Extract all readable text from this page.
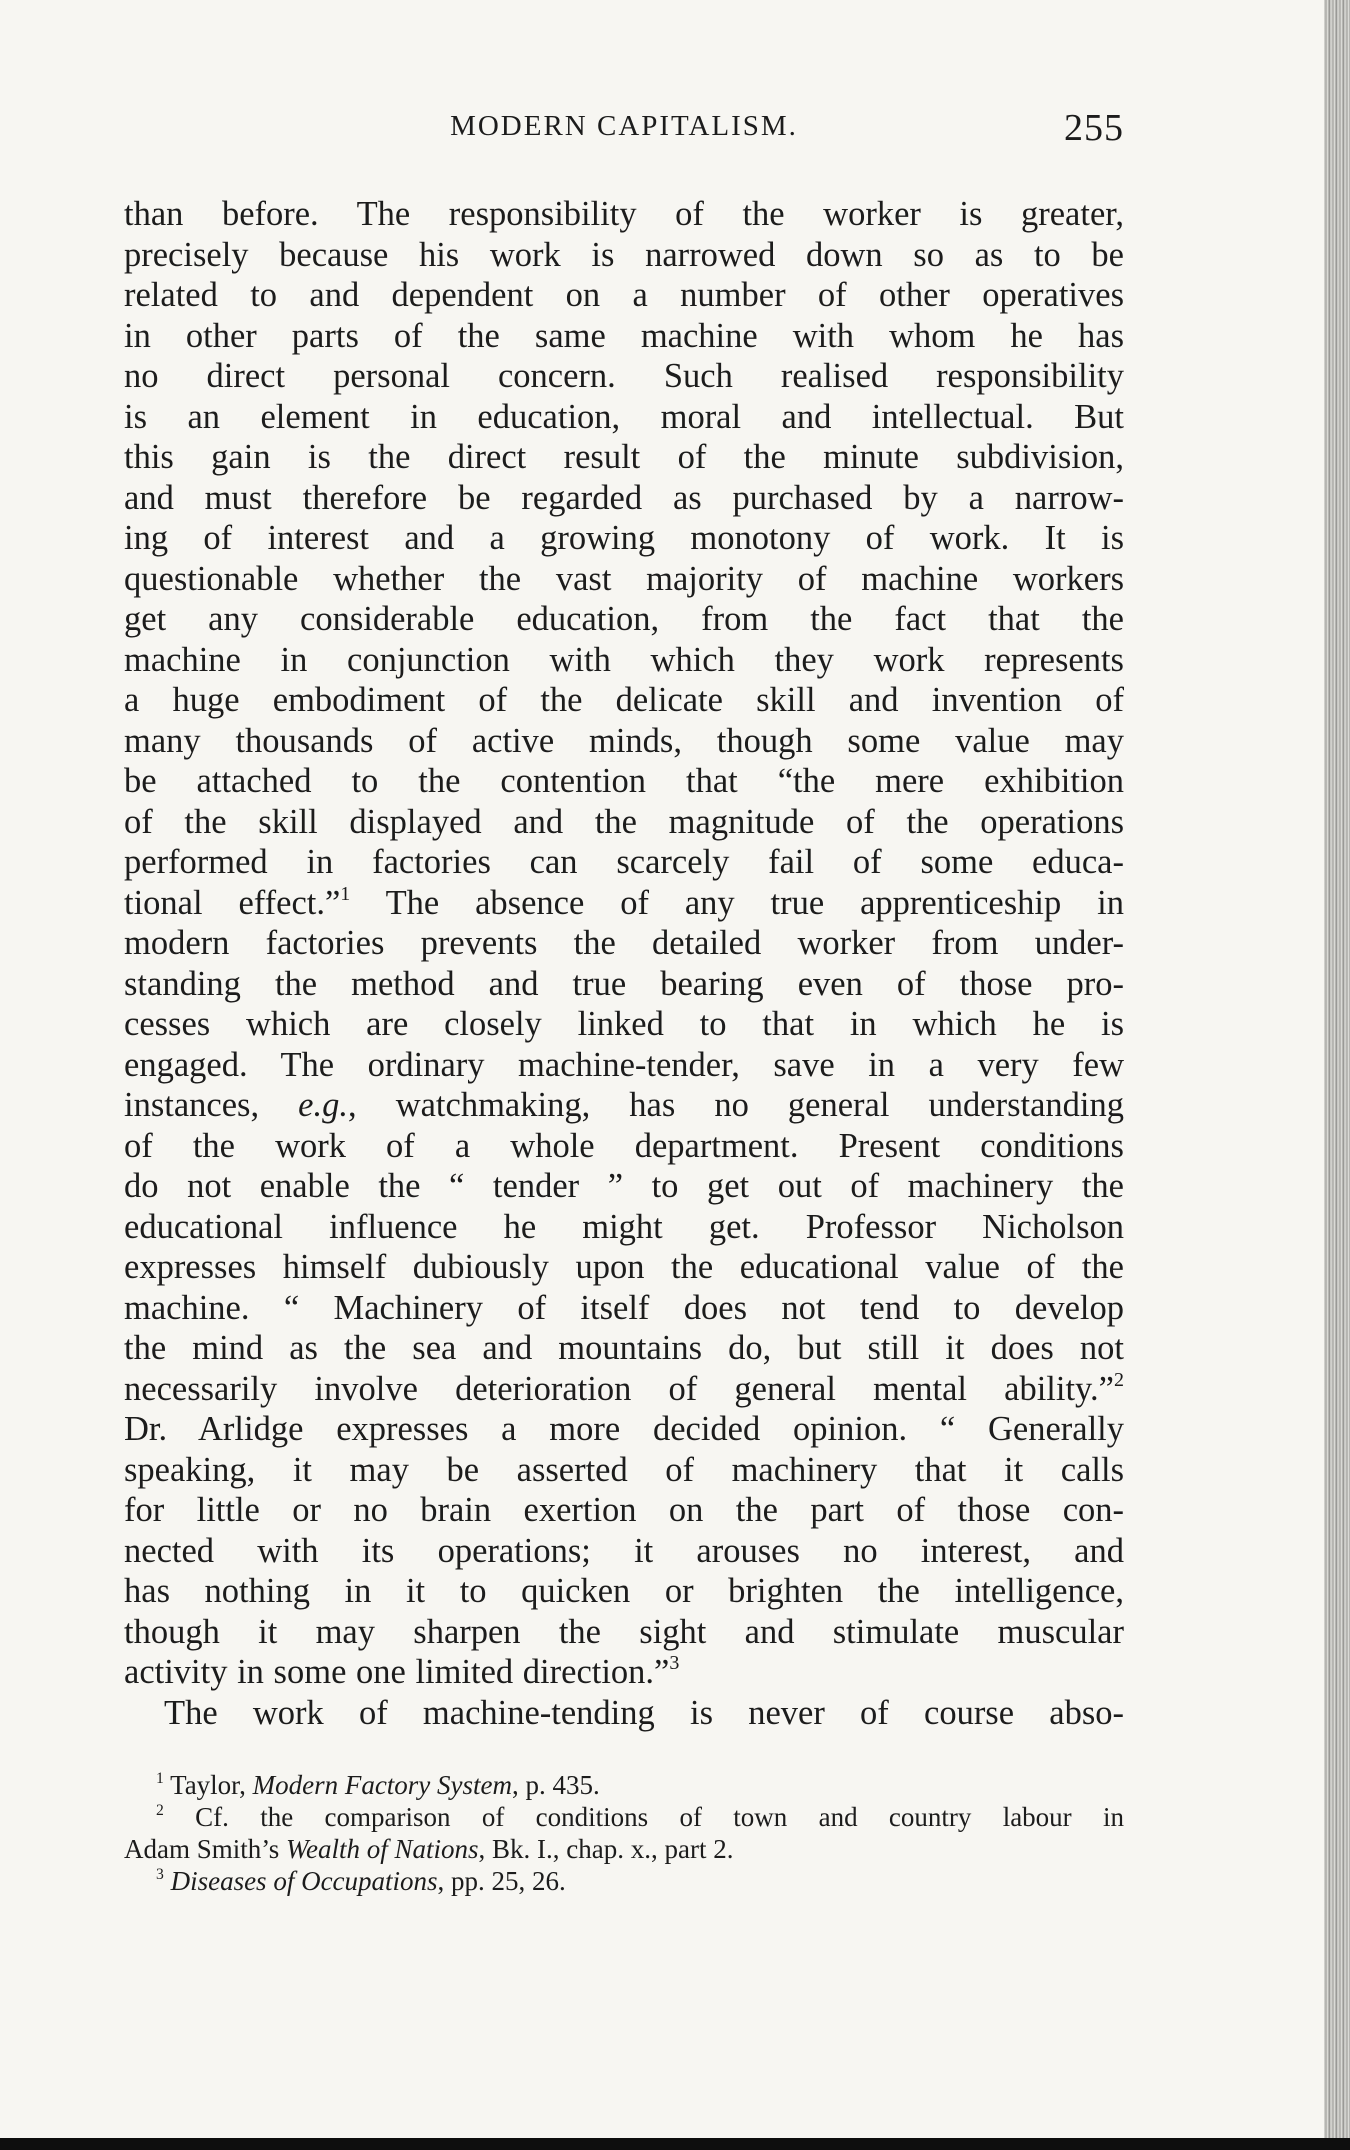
MODERN CAPITALISM.	255
than before. The responsibility of the worker is greater,
precisely because his work is narrowed down so as to be
related to and dependent on a number of other operatives
in other parts of the same machine with whom he has
no direct personal concern. Such realised responsibility
is an element in education, moral and intellectual. But
this gain is the direct result of the minute subdivision,
and must therefore be regarded as purchased by a narrow-
ing of interest and a growing monotony of work. It is
questionable whether the vast majority of machine workers
get any considerable education, from the fact that the
machine in conjunction with which they work represents
a huge embodiment of the delicate skill and invention of
many thousands of active minds, though some value may
be attached to the contention that “the mere exhibition
of the skill displayed and the magnitude of the operations
performed in factories can scarcely fail of some educa-
tional effect.”$^1$ The absence of any true apprenticeship in
modern factories prevents the detailed worker from under-
standing the method and true bearing even of those pro-
cesses which are closely linked to that in which he is
engaged. The ordinary machine-tender, save in a very few
instances, e.g., watchmaking, has no general understanding
of the work of a whole department. Present conditions
do not enable the “ tender ” to get out of machinery the
educational influence he might get. Professor Nicholson
expresses himself dubiously upon the educational value of the
machine. “ Machinery of itself does not tend to develop
the mind as the sea and mountains do, but still it does not
necessarily involve deterioration of general mental ability.”$^2$
Dr. Arlidge expresses a more decided opinion. “ Generally
speaking, it may be asserted of machinery that it calls
for little or no brain exertion on the part of those con-
nected with its operations; it arouses no interest, and
has nothing in it to quicken or brighten the intelligence,
though it may sharpen the sight and stimulate muscular
activity in some one limited direction.”$^3$
The work of machine-tending is never of course abso-
$^1$ Taylor, Modern Factory System, p. 435.
$^2$ Cf. the comparison of conditions of town and country labour in
Adam Smith’s Wealth of Nations, Bk. I., chap. x., part 2.
$^3$ Diseases of Occupations, pp. 25, 26.
